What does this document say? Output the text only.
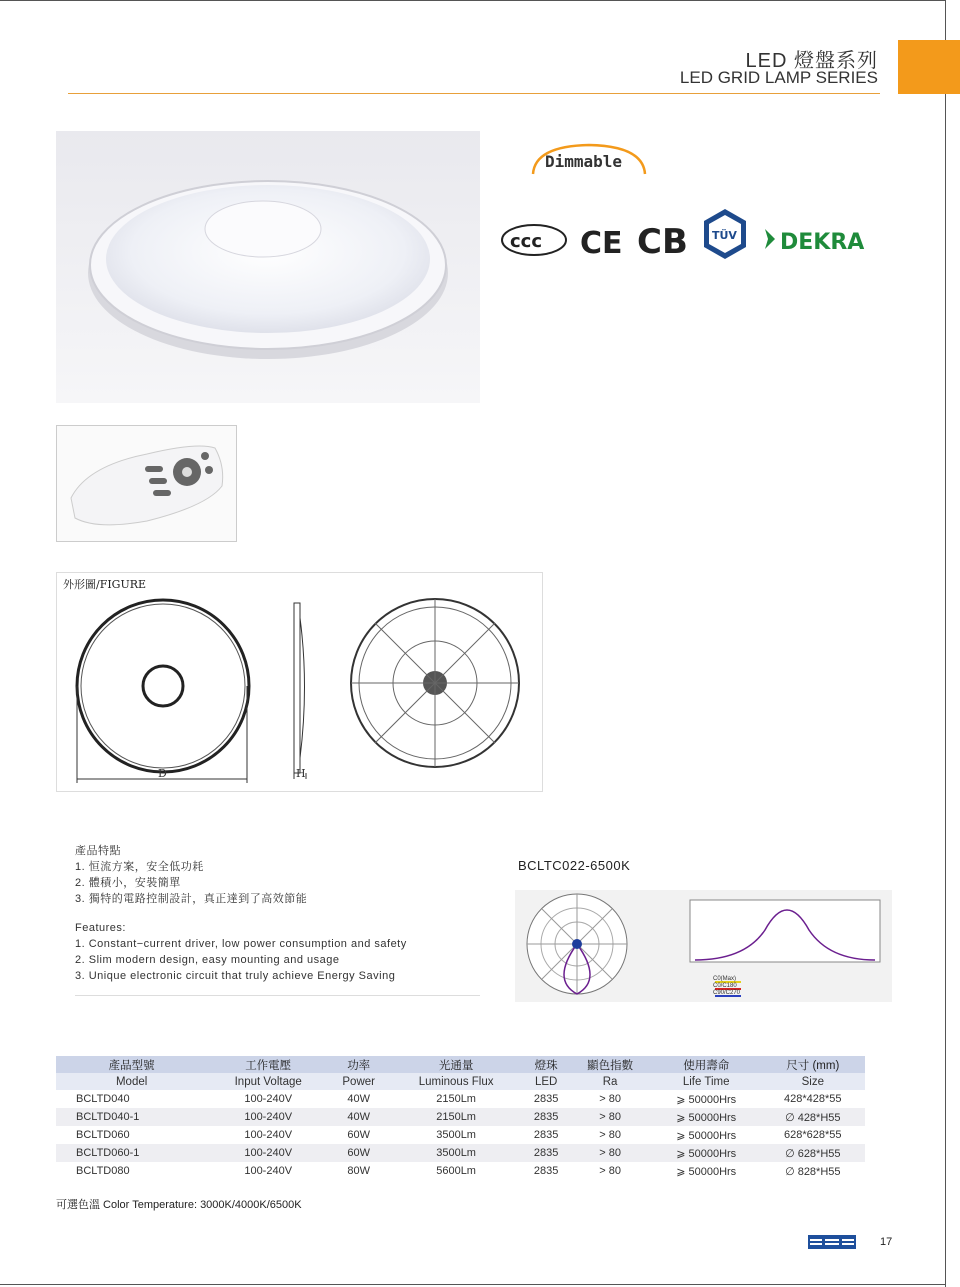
LED 燈盤系列
LED GRID LAMP SERIES
Dimmable
ccc CE CB TÜV DEKRA
外形圖/FIGURE
D	H
產品特點
1. 恒流方案，安全低功耗
2. 體積小，安裝簡單
3. 獨特的電路控制設計，真正達到了高效節能
Features:
1. Constant−current driver, low power consumption and safety
2. Slim modern design, easy mounting and usage
3. Unique electronic circuit that truly achieve Energy Saving
BCLTC022-6500K
C0(Max)
C0/C180
C90/C270
產品型號	工作電壓	功率	光通量	燈珠	顯色指數	使用壽命	尺寸 (mm)
Model	Input Voltage	Power	Luminous Flux	LED	Ra	Life Time	Size
BCLTD040	100-240V	40W	2150Lm	2835	> 80	⩾ 50000Hrs	428*428*55
BCLTD040-1	100-240V	40W	2150Lm	2835	> 80	⩾ 50000Hrs	∅ 428*H55
BCLTD060	100-240V	60W	3500Lm	2835	> 80	⩾ 50000Hrs	628*628*55
BCLTD060-1	100-240V	60W	3500Lm	2835	> 80	⩾ 50000Hrs	∅ 628*H55
BCLTD080	100-240V	80W	5600Lm	2835	> 80	⩾ 50000Hrs	∅ 828*H55
可選色溫 Color Temperature: 3000K/4000K/6500K
17
